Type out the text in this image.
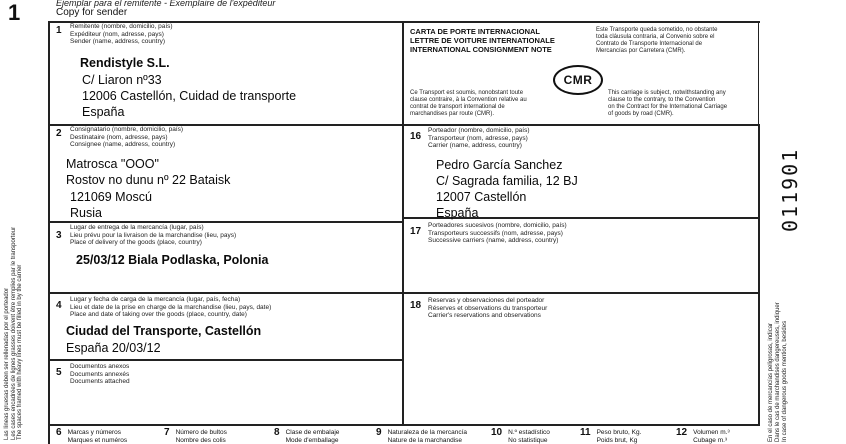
1	Ejemplar para el remitente - Exemplaire de l'expéditeur
Copy for sender
Las líneas gruesas deben ser rellenadas por el porteador
Les cases encadrées de lignes grasses doivent être remplies par le transporteur
The spaces framed with heavy lines must be filled in by the carrier
1 Remitente (nombre, domicilio, país)
Expéditeur (nom, adresse, pays)
Sender (name, address, country)
Rendistyle S.L.
C/ Liaron nº33
12006 Castellón, Cuidad de transporte
España
CARTA DE PORTE INTERNACIONAL
LETTRE DE VOITURE INTERNATIONALE
INTERNATIONAL CONSIGNMENT NOTE
Este Transporte queda sometido, no obstante
toda cláusula contraria, al Convenio sobre el
Contrato de Transporte Internacional de
Mercancías por Carretera (CMR).
CMR
Ce Transport est soumis, nonobstant toute
clause contraire, à la Convention relative au
contrat de transport international de
marchandises par route (CMR).
This carriage is subject, notwithstanding any
clause to the contrary, to the Convention
on the Contract for the International Carriage
of goods by road (CMR).
2 Consignatario (nombre, domicilio, país)
Destinataire (nom, adresse, pays)
Consignee (name, address, country)
Matrosca "OOO"
Rostov no dunu nº 22 Bataisk
121069 Moscú
Rusia
3
Lugar de entrega de la mercancía (lugar, país)
Lieu prévu pour la livraison de la marchandise (lieu, pays)
Place of delivery of the goods (place, country)
25/03/12 Biala Podlaska, Polonia
4
Lugar y fecha de carga de la mercancía (lugar, país, fecha)
Lieu et date de la prise en charge de la marchandise (lieu, pays, date)
Place and date of taking over the goods (place, country, date)
Ciudad del Transporte, Castellón
España 20/03/12
5
Documentos anexos
Documents annexés
Documents attached
16
Porteador (nombre, domicilio, país)
Transporteur (nom, adresse, pays)
Carrier (name, address, country)
Pedro García Sanchez
C/ Sagrada familia, 12 BJ
12007 Castellón
España
17
Porteadores sucesivos (nombre, domicilio, país)
Transporteurs successifs (nom, adresse, pays)
Successive carriers (name, address, country)
18 Reservas y observaciones del porteador
Réserves et observations du transporteur
Carrier's reservations and observations
6 Marcas y números
Marques et numéros
7 Número de bultos
Nombre des colis
8 Clase de embalaje
Mode d'emballage
9 Naturaleza de la mercancía
Nature de la marchandise
10 N.º estadístico
No statistique
11 Peso bruto, Kg.
Poids brut, Kg
12 Volumen m.³
Cubage m.³
011901
En el caso de mercancías peligrosas, indicar
Dans le cas de marchandises dangereuses, indiquer
In case of dangerous goods mention, besides
